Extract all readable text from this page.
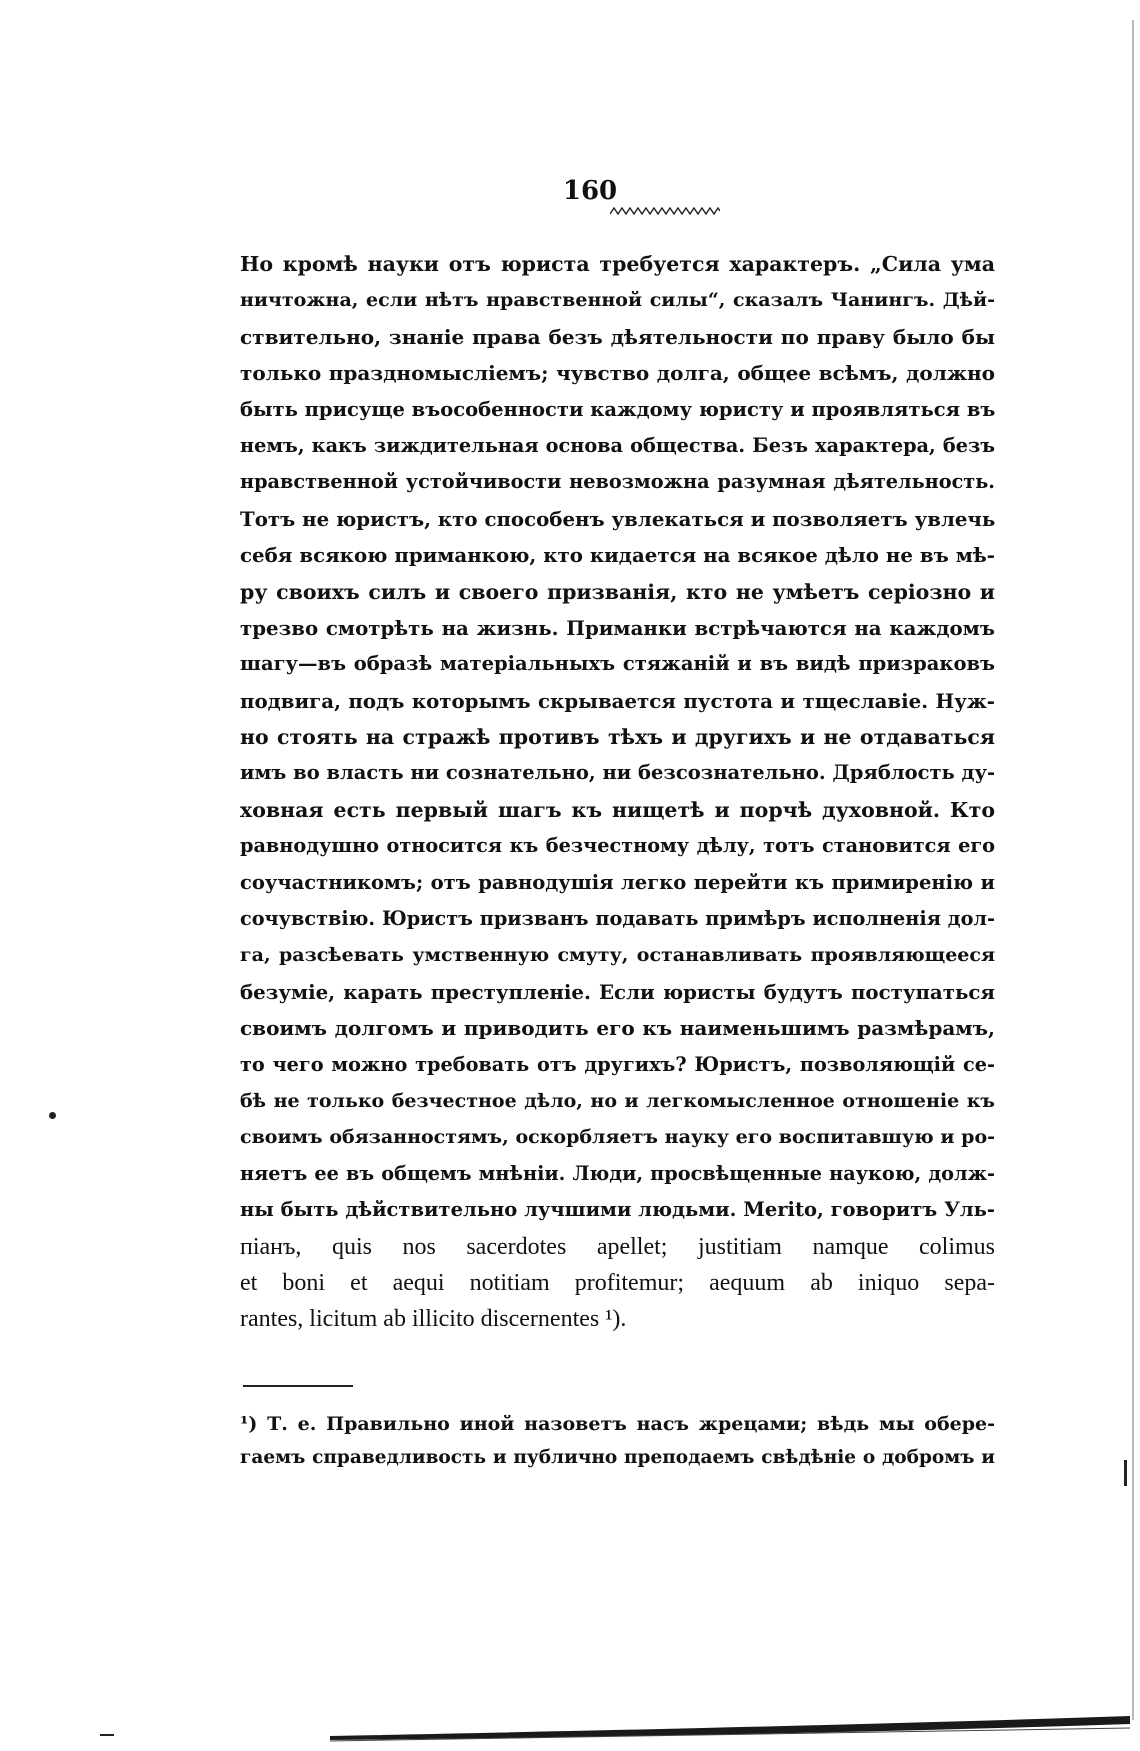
160
Но кромѣ науки отъ юриста требуется характеръ. „Сила ума
ничтожна, если нѣтъ нравственной силы“, сказалъ Чанингъ. Дѣй-
ствительно, знаніе права безъ дѣятельности по праву было бы
только праздномысліемъ; чувство долга, общее всѣмъ, должно
быть присуще въособенности каждому юристу и проявляться въ
немъ, какъ зиждительная основа общества. Безъ характера, безъ
нравственной устойчивости невозможна разумная дѣятельность.
Тотъ не юристъ, кто способенъ увлекаться и позволяетъ увлечь
себя всякою приманкою, кто кидается на всякое дѣло не въ мѣ-
ру своихъ силъ и своего призванія, кто не умѣетъ серіозно и
трезво смотрѣть на жизнь. Приманки встрѣчаются на каждомъ
шагу—въ образѣ матеріальныхъ стяжаній и въ видѣ призраковъ
подвига, подъ которымъ скрывается пустота и тщеславіе. Нуж-
но стоять на стражѣ противъ тѣхъ и другихъ и не отдаваться
имъ во власть ни сознательно, ни безсознательно. Дряблость ду-
ховная есть первый шагъ къ нищетѣ и порчѣ духовной. Кто
равнодушно относится къ безчестному дѣлу, тотъ становится его
соучастникомъ; отъ равнодушія легко перейти къ примиренію и
сочувствію. Юристъ призванъ подавать примѣръ исполненія дол-
га, разсѣевать умственную смуту, останавливать проявляющееся
безуміе, карать преступленіе. Если юристы будутъ поступаться
своимъ долгомъ и приводить его къ наименьшимъ размѣрамъ,
то чего можно требовать отъ другихъ? Юристъ, позволяющій се-
бѣ не только безчестное дѣло, но и легкомысленное отношеніе къ
своимъ обязанностямъ, оскорбляетъ науку его воспитавшую и ро-
няетъ ее въ общемъ мнѣніи. Люди, просвѣщенные наукою, долж-
ны быть дѣйствительно лучшими людьми. Merito, говоритъ Уль-
піанъ, quis nos sacerdotes apellet; justitiam namque colimus
et boni et aequi notitiam profitemur; aequum ab iniquo sepa-
rantes, licitum ab illicito discernentes ¹).
¹) Т. е. Правильно иной назоветъ насъ жрецами; вѣдь мы обере-
гаемъ справедливость и публично преподаемъ свѣдѣніе о добромъ и
